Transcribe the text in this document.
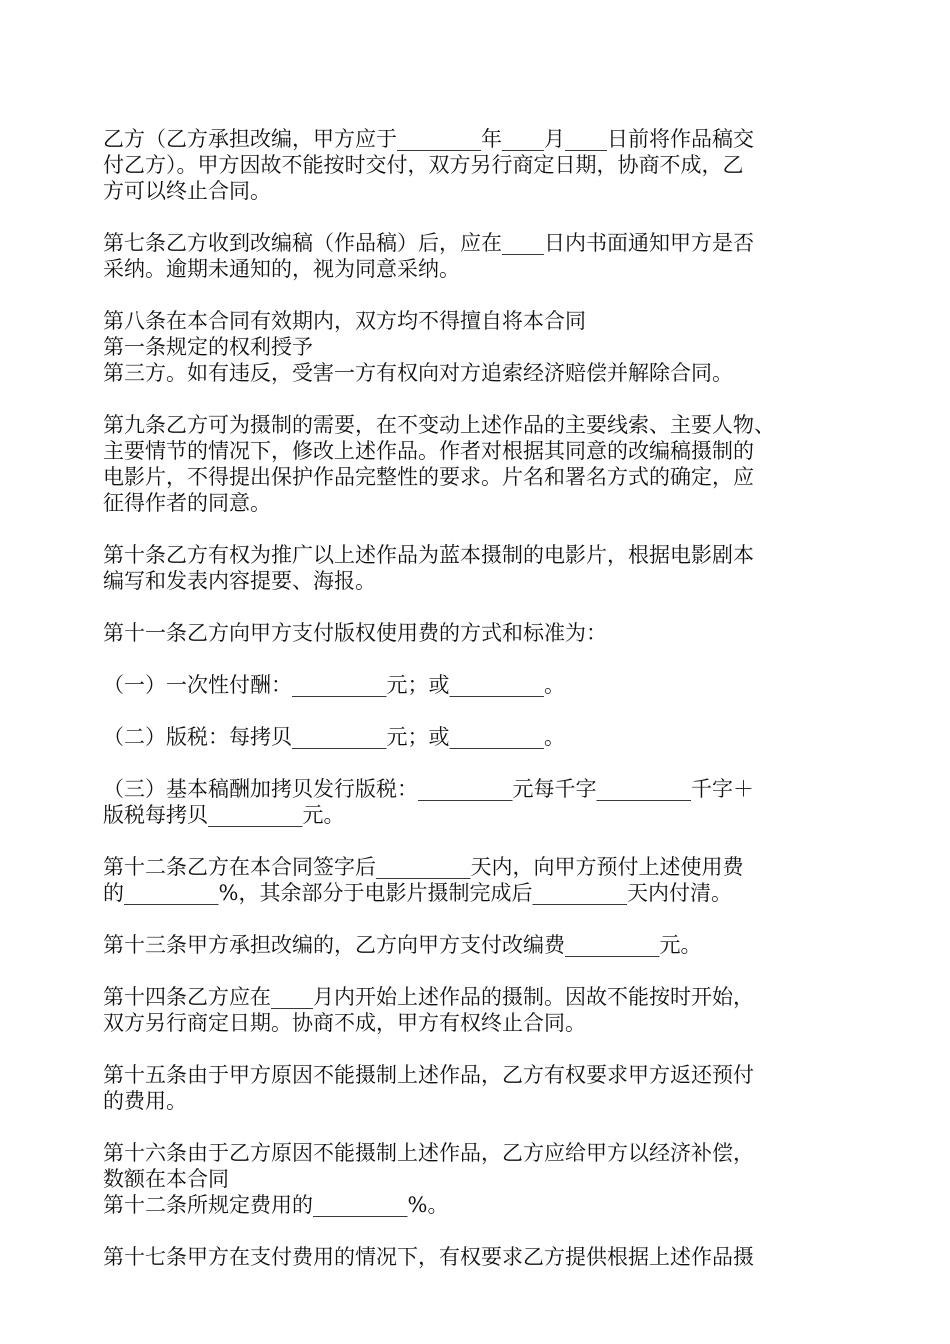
乙方（乙方承担改编，甲方应于________年____月____日前将作品稿交
付乙方）。甲方因故不能按时交付，双方另行商定日期，协商不成，乙
方可以终止合同。
第七条乙方收到改编稿（作品稿）后，应在____日内书面通知甲方是否
采纳。逾期未通知的，视为同意采纳。
第八条在本合同有效期内，双方均不得擅自将本合同
第一条规定的权利授予
第三方。如有违反，受害一方有权向对方追索经济赔偿并解除合同。
第九条乙方可为摄制的需要，在不变动上述作品的主要线索、主要人物、
主要情节的情况下，修改上述作品。作者对根据其同意的改编稿摄制的
电影片，不得提出保护作品完整性的要求。片名和署名方式的确定，应
征得作者的同意。
第十条乙方有权为推广以上述作品为蓝本摄制的电影片，根据电影剧本
编写和发表内容提要、海报。
第十一条乙方向甲方支付版权使用费的方式和标准为：
（一）一次性付酬：_________元；或_________。
（二）版税：每拷贝_________元；或_________。
（三）基本稿酬加拷贝发行版税：_________元每千字_________千字＋
版税每拷贝_________元。
第十二条乙方在本合同签字后_________天内，向甲方预付上述使用费
的_________%，其余部分于电影片摄制完成后_________天内付清。
第十三条甲方承担改编的，乙方向甲方支付改编费_________元。
第十四条乙方应在____月内开始上述作品的摄制。因故不能按时开始，
双方另行商定日期。协商不成，甲方有权终止合同。
第十五条由于甲方原因不能摄制上述作品，乙方有权要求甲方返还预付
的费用。
第十六条由于乙方原因不能摄制上述作品，乙方应给甲方以经济补偿，
数额在本合同
第十二条所规定费用的_________%。
第十七条甲方在支付费用的情况下，有权要求乙方提供根据上述作品摄
